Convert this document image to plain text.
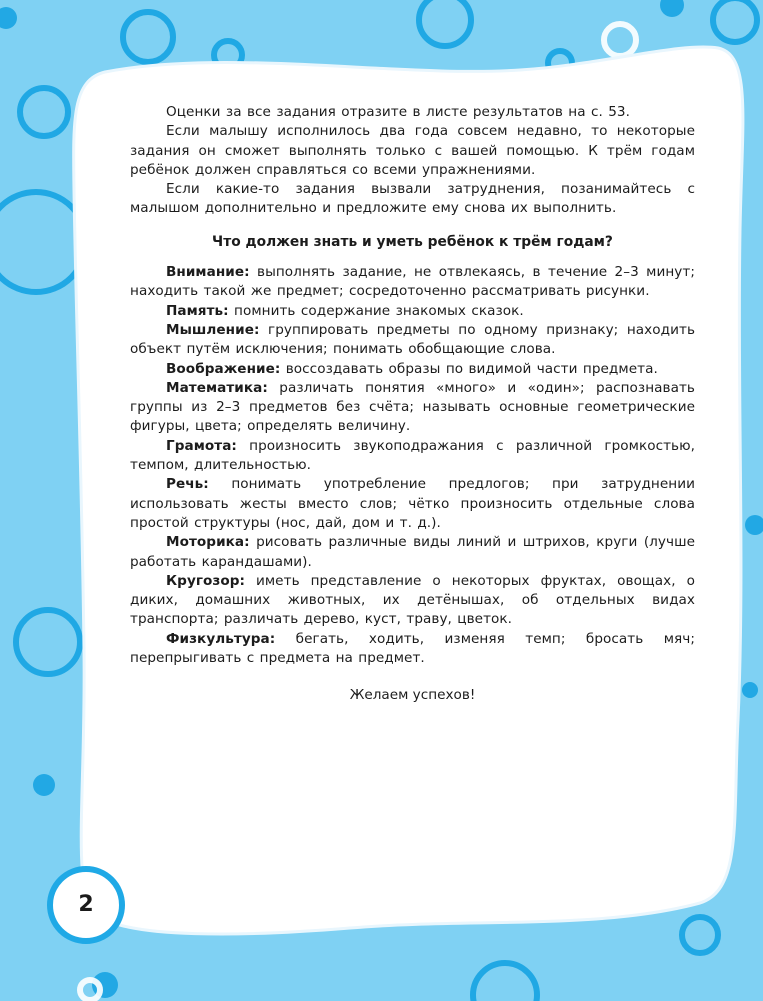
Оценки за все задания отразите в листе результатов на с. 53.

Если малышу исполнилось два года совсем недавно, то некоторые задания он сможет выполнять только с вашей помощью. К трём годам ребёнок должен справляться со всеми упражнениями.

Если какие-то задания вызвали затруднения, позанимайтесь с малышом дополнительно и предложите ему снова их выполнить.

Что должен знать и уметь ребёнок к трём годам?

Внимание: выполнять задание, не отвлекаясь, в течение 2–3 минут; находить такой же предмет; сосредоточенно рассматривать рисунки.

Память: помнить содержание знакомых сказок.

Мышление: группировать предметы по одному признаку; находить объект путём исключения; понимать обобщающие слова.

Воображение: воссоздавать образы по видимой части предмета.

Математика: различать понятия «много» и «один»; распознавать группы из 2–3 предметов без счёта; называть основные геометрические фигуры, цвета; определять величину.

Грамота: произносить звукоподражания с различной громкостью, темпом, длительностью.

Речь: понимать употребление предлогов; при затруднении использовать жесты вместо слов; чётко произносить отдельные слова простой структуры (нос, дай, дом и т. д.).

Моторика: рисовать различные виды линий и штрихов, круги (лучше работать карандашами).

Кругозор: иметь представление о некоторых фруктах, овощах, о диких, домашних животных, их детёнышах, об отдельных видах транспорта; различать дерево, куст, траву, цветок.

Физкультура: бегать, ходить, изменяя темп; бросать мяч; перепрыгивать с предмета на предмет.

Желаем успехов!
2
